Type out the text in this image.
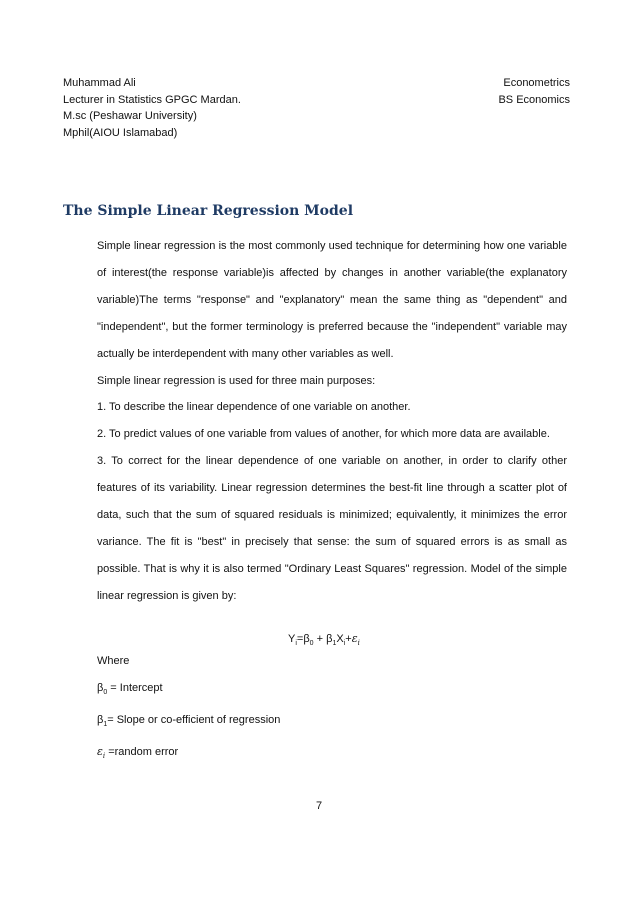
Muhammad Ali
Lecturer in Statistics GPGC Mardan.
M.sc (Peshawar University)
Mphil(AIOU Islamabad)
Econometrics
BS Economics
The Simple Linear Regression Model

Simple linear regression is the most commonly used technique for determining how one variable of interest(the response variable)is affected by changes in another variable(the explanatory variable)The terms "response" and "explanatory" mean the same thing as "dependent" and "independent", but the former terminology is preferred because the "independent" variable may actually be interdependent with many other variables as well.

Simple linear regression is used for three main purposes:

1. To describe the linear dependence of one variable on another.

2. To predict values of one variable from values of another, for which more data are available.

3. To correct for the linear dependence of one variable on another, in order to clarify other features of its variability. Linear regression determines the best-fit line through a scatter plot of data, such that the sum of squared residuals is minimized; equivalently, it minimizes the error variance. The fit is "best" in precisely that sense: the sum of squared errors is as small as possible. That is why it is also termed "Ordinary Least Squares" regression. Model of the simple linear regression is given by:

$Y_i=\beta_0 + \beta_1X_i+\varepsilon_i$
Where
$\beta_0$ = Intercept
$\beta_1=$ Slope or co-efficient of regression
$\varepsilon_i$ =random error
7
